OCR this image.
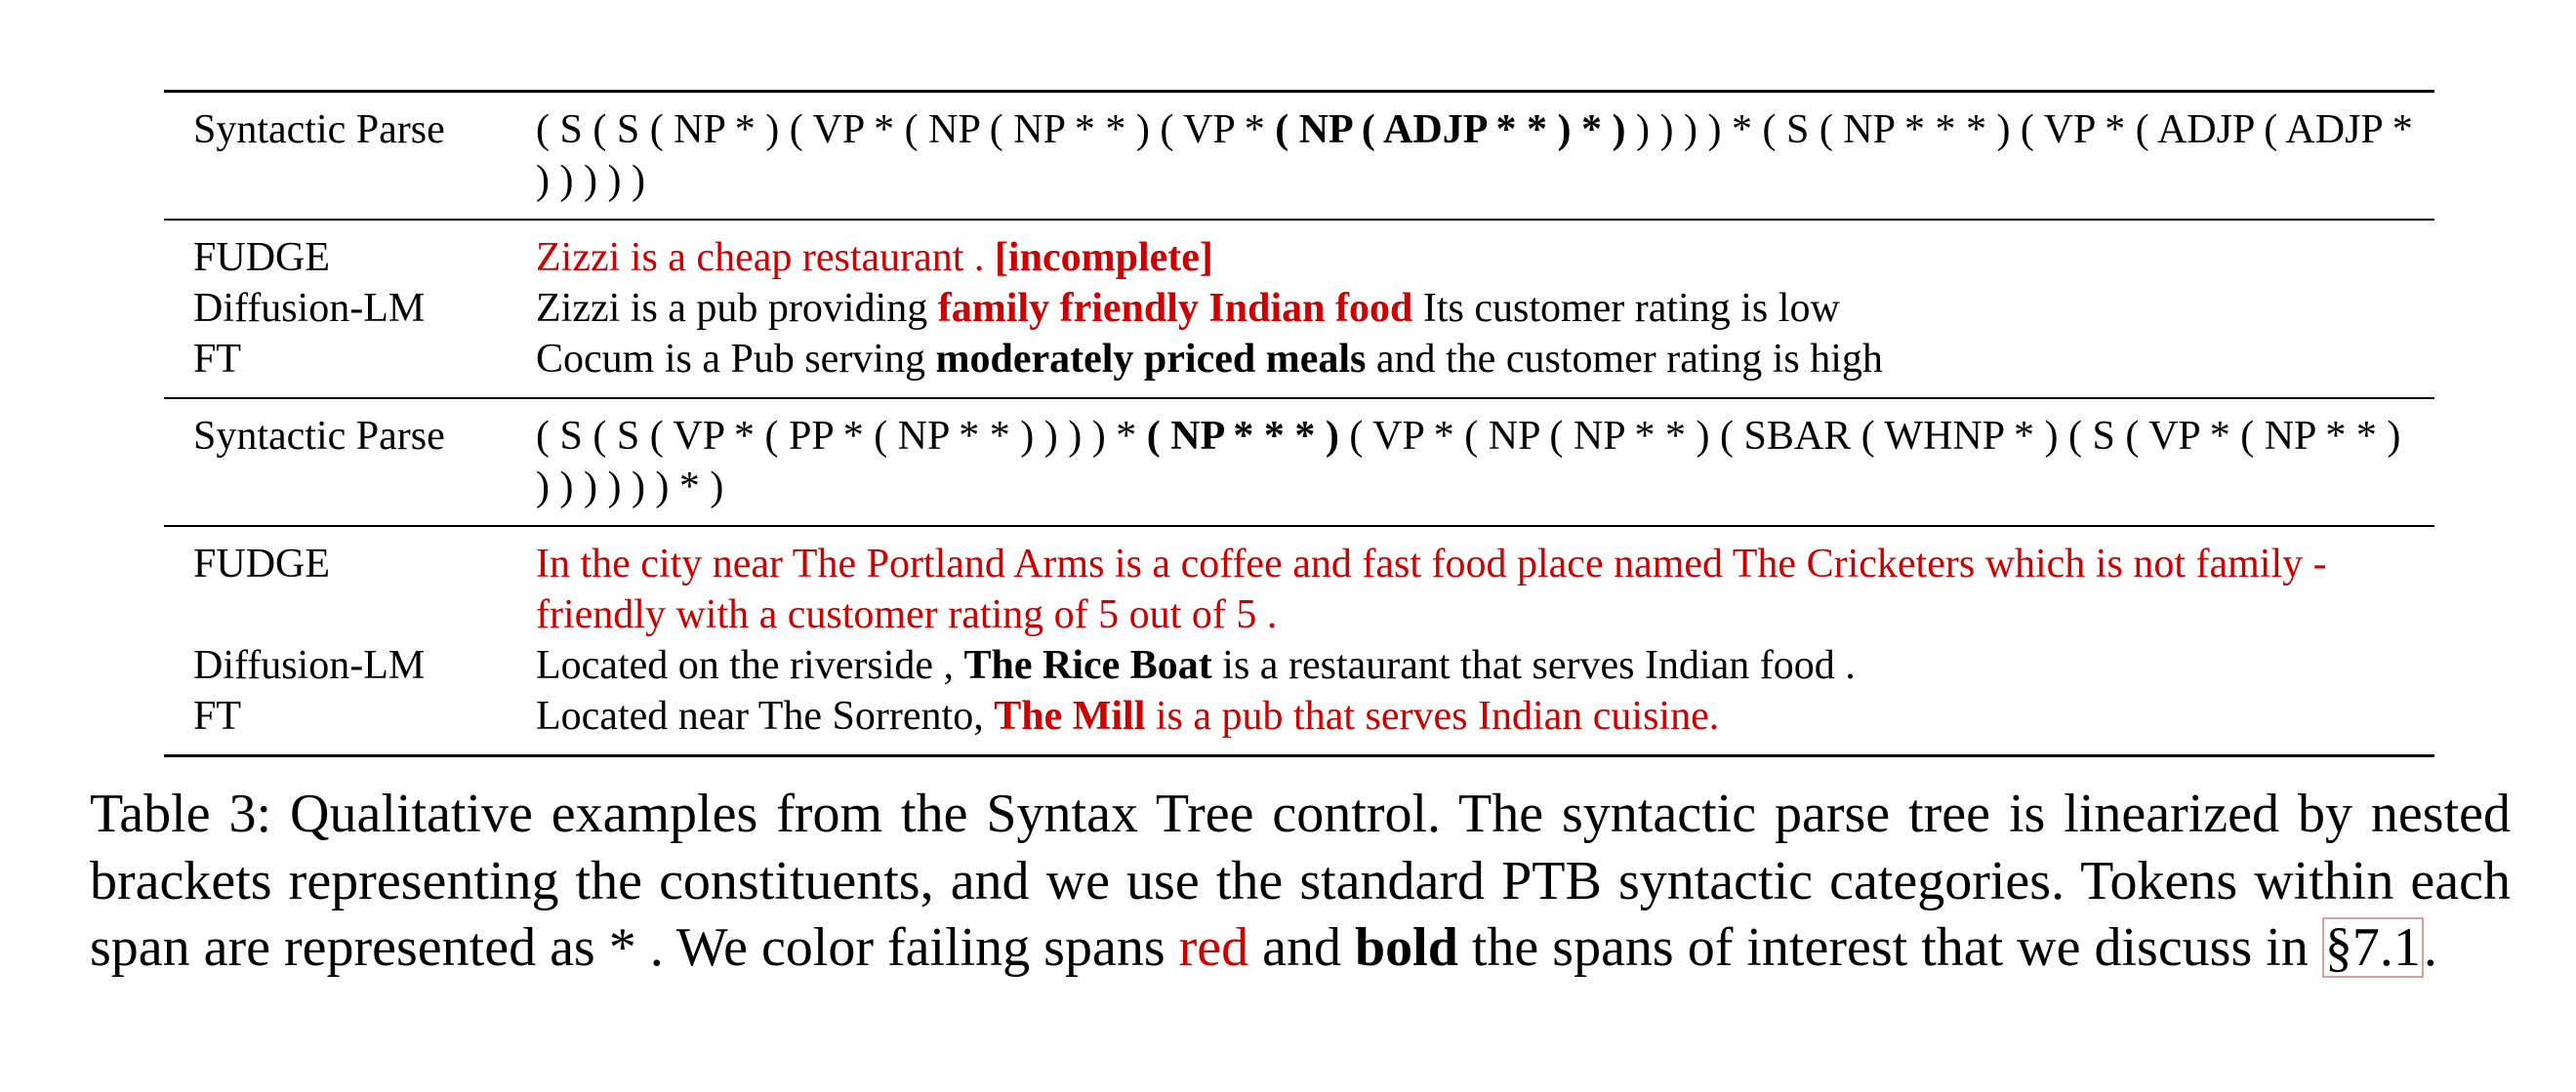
Syntactic Parse	( S ( S ( NP * ) ( VP * ( NP ( NP * * ) ( VP * ( NP ( ADJP * * ) * ) ) ) ) ) * ( S ( NP * * * ) ( VP * ( ADJP ( ADJP * ) ) ) ) )
FUDGE	Zizzi is a cheap restaurant . [incomplete]
Diffusion-LM	Zizzi is a pub providing family friendly Indian food Its customer rating is low
FT	Cocum is a Pub serving moderately priced meals and the customer rating is high
Syntactic Parse	( S ( S ( VP * ( PP * ( NP * * ) ) ) ) * ( NP * * * ) ( VP * ( NP ( NP * * ) ( SBAR ( WHNP * ) ( S ( VP * ( NP * * ) ) ) ) ) ) ) * )
FUDGE	In the city near The Portland Arms is a coffee and fast food place named The Cricketers which is not family - friendly with a customer rating of 5 out of 5 .
Diffusion-LM	Located on the riverside , The Rice Boat is a restaurant that serves Indian food .
FT	Located near The Sorrento, The Mill is a pub that serves Indian cuisine.
Table 3: Qualitative examples from the Syntax Tree control. The syntactic parse tree is linearized by nested brackets representing the constituents, and we use the standard PTB syntactic categories. Tokens within each span are represented as * . We color failing spans red and bold the spans of interest that we discuss in §7.1.
